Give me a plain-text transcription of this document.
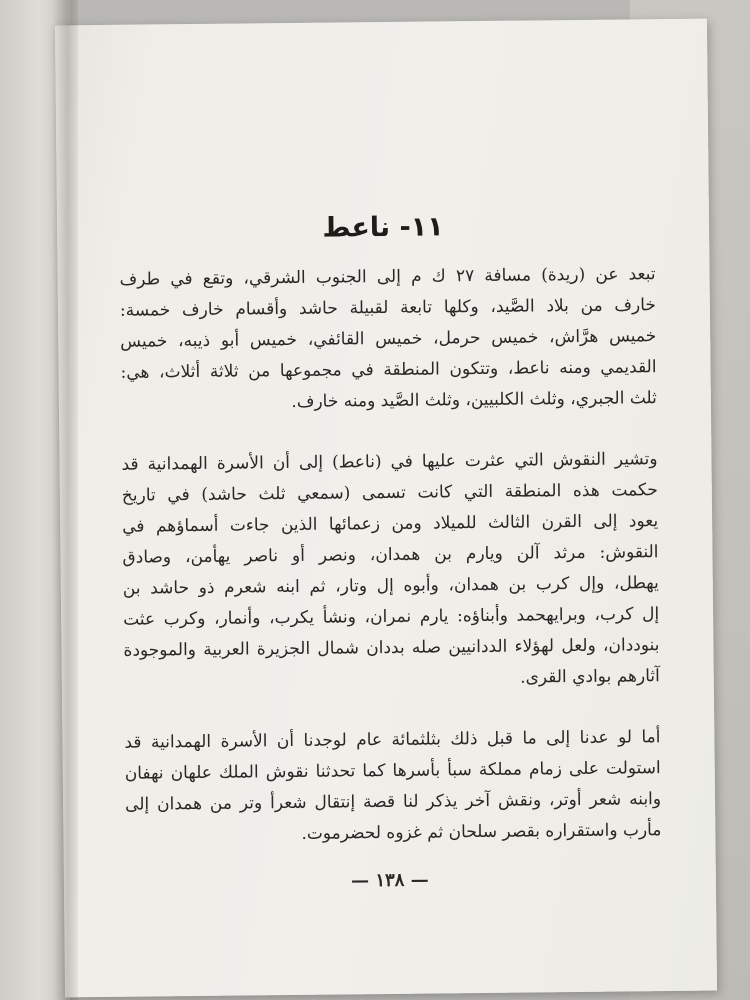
١١- ناعط

تبعد عن (ريدة) مسافة ٢٧ ك م إلى الجنوب الشرقي، وتقع في طرف
خارف من بلاد الصَّيد، وكلها تابعة لقبيلة حاشد وأقسام خارف خمسة:
خميس هرَّاش، خميس حرمل، خميس القائفي، خميس أبو ذيبه، خميس
القديمي ومنه ناعط، وتتكون المنطقة في مجموعها من ثلاثة أثلاث، هي:
ثلث الجبري، وثلث الكلبيين، وثلث الصَّيد ومنه خارف.

وتشير النقوش التي عثرت عليها في (ناعط) إلى أن الأسرة الهمدانية قد
حكمت هذه المنطقة التي كانت تسمى (سمعي ثلث حاشد) في تاريخ
يعود إلى القرن الثالث للميلاد ومن زعمائها الذين جاءت أسماؤهم في
النقوش: مرثد آلن ويارم بن همدان، ونصر أو ناصر يهأمن، وصادق
يهطل، وإل كرب بن همدان، وأبوه إل وتار، ثم ابنه شعرم ذو حاشد بن
إل كرب، وبرايهحمد وأبناؤه: يارم نمران، ونشأ يكرب، وأنمار، وكرب عثت
بنوددان، ولعل لهؤلاء الددانيين صله بددان شمال الجزيرة العربية والموجودة
آثارهم بوادي القرى.

أما لو عدنا إلى ما قبل ذلك بثلثمائة عام لوجدنا أن الأسرة الهمدانية قد
استولت على زمام مملكة سبأ بأسرها كما تحدثنا نقوش الملك علهان نهفان
وابنه شعر أوتر، ونقش آخر يذكر لنا قصة إنتقال شعرأ وتر من همدان إلى
مأرب واستقراره بقصر سلحان ثم غزوه لحضرموت.

— ١٣٨ —
